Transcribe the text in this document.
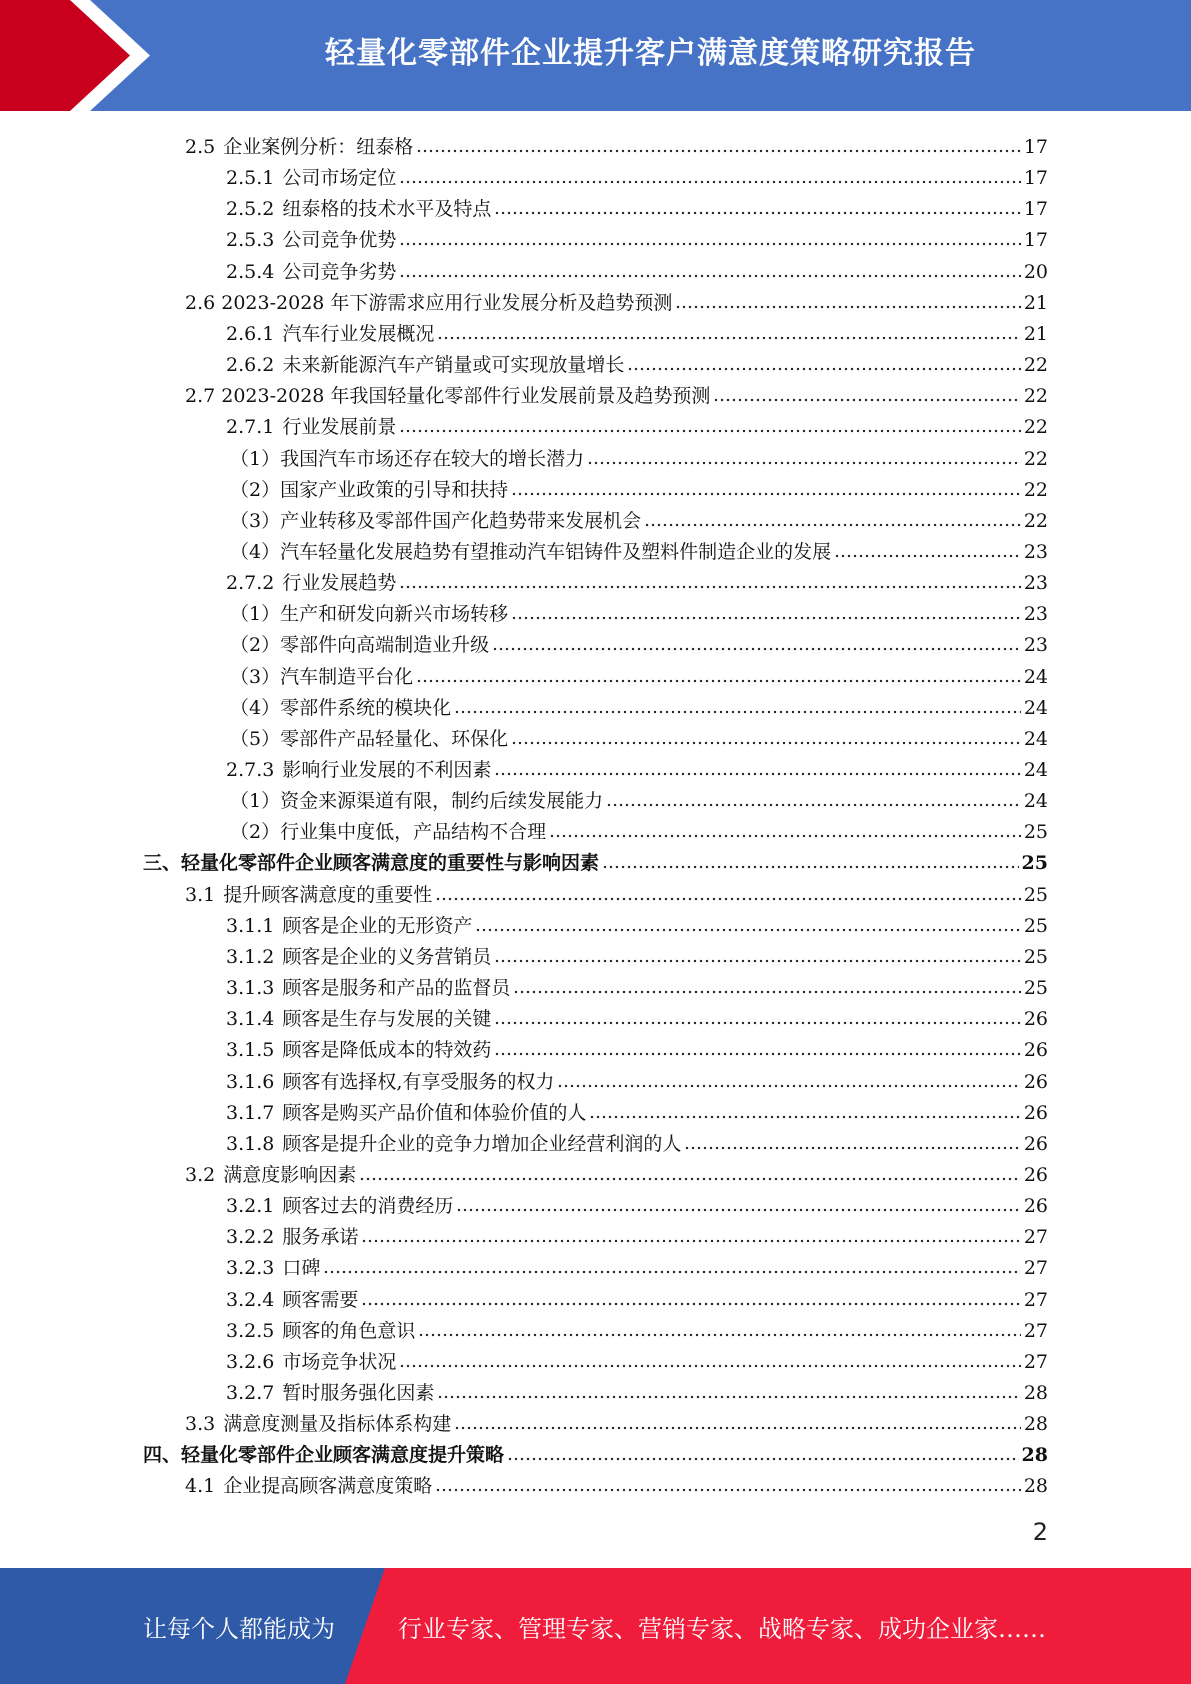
轻量化零部件企业提升客户满意度策略研究报告
2.5 企业案例分析：纽泰格	17
2.5.1 公司市场定位	17
2.5.2 纽泰格的技术水平及特点	17
2.5.3 公司竞争优势	17
2.5.4 公司竞争劣势	20
2.6 2023-2028 年下游需求应用行业发展分析及趋势预测	21
2.6.1 汽车行业发展概况	21
2.6.2 未来新能源汽车产销量或可实现放量增长	22
2.7 2023-2028 年我国轻量化零部件行业发展前景及趋势预测	22
2.7.1 行业发展前景	22
（1）我国汽车市场还存在较大的增长潜力	22
（2）国家产业政策的引导和扶持	22
（3）产业转移及零部件国产化趋势带来发展机会	22
（4）汽车轻量化发展趋势有望推动汽车铝铸件及塑料件制造企业的发展	23
2.7.2 行业发展趋势	23
（1）生产和研发向新兴市场转移	23
（2）零部件向高端制造业升级	23
（3）汽车制造平台化	24
（4）零部件系统的模块化	24
（5）零部件产品轻量化、环保化	24
2.7.3 影响行业发展的不利因素	24
（1）资金来源渠道有限，制约后续发展能力	24
（2）行业集中度低，产品结构不合理	25
三、轻量化零部件企业顾客满意度的重要性与影响因素	25
3.1 提升顾客满意度的重要性	25
3.1.1 顾客是企业的无形资产	25
3.1.2 顾客是企业的义务营销员	25
3.1.3 顾客是服务和产品的监督员	25
3.1.4 顾客是生存与发展的关键	26
3.1.5 顾客是降低成本的特效药	26
3.1.6 顾客有选择权,有享受服务的权力	26
3.1.7 顾客是购买产品价值和体验价值的人	26
3.1.8 顾客是提升企业的竞争力增加企业经营利润的人	26
3.2 满意度影响因素	26
3.2.1 顾客过去的消费经历	26
3.2.2 服务承诺	27
3.2.3 口碑	27
3.2.4 顾客需要	27
3.2.5 顾客的角色意识	27
3.2.6 市场竞争状况	27
3.2.7 暂时服务强化因素	28
3.3 满意度测量及指标体系构建	28
四、轻量化零部件企业顾客满意度提升策略	28
4.1 企业提高顾客满意度策略	28
2
让每个人都能成为	行业专家、管理专家、营销专家、战略专家、成功企业家……
